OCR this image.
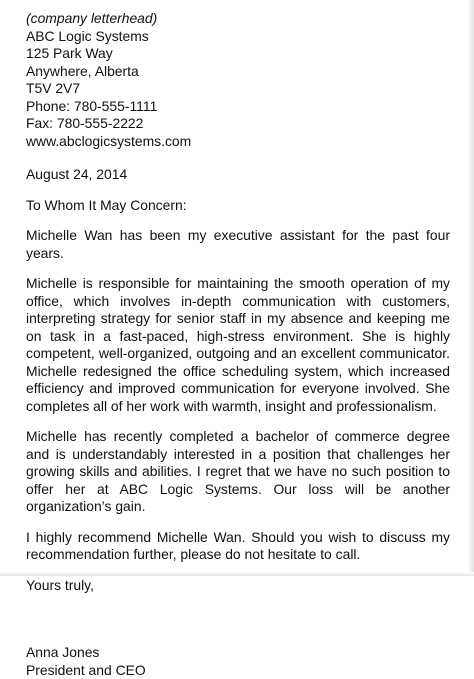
(company letterhead)
ABC Logic Systems
125 Park Way
Anywhere, Alberta
T5V 2V7
Phone: 780-555-1111
Fax: 780-555-2222
www.abclogicsystems.com
August 24, 2014
To Whom It May Concern:
Michelle Wan has been my executive assistant for the past four years.
Michelle is responsible for maintaining the smooth operation of my office, which involves in-depth communication with customers, interpreting strategy for senior staff in my absence and keeping me on task in a fast-paced, high-stress environment. She is highly competent, well-organized, outgoing and an excellent communicator. Michelle redesigned the office scheduling system, which increased efficiency and improved communication for everyone involved. She completes all of her work with warmth, insight and professionalism.
Michelle has recently completed a bachelor of commerce degree and is understandably interested in a position that challenges her growing skills and abilities. I regret that we have no such position to offer her at ABC Logic Systems. Our loss will be another organization’s gain.
I highly recommend Michelle Wan. Should you wish to discuss my recommendation further, please do not hesitate to call.
Yours truly,
Anna Jones
President and CEO
